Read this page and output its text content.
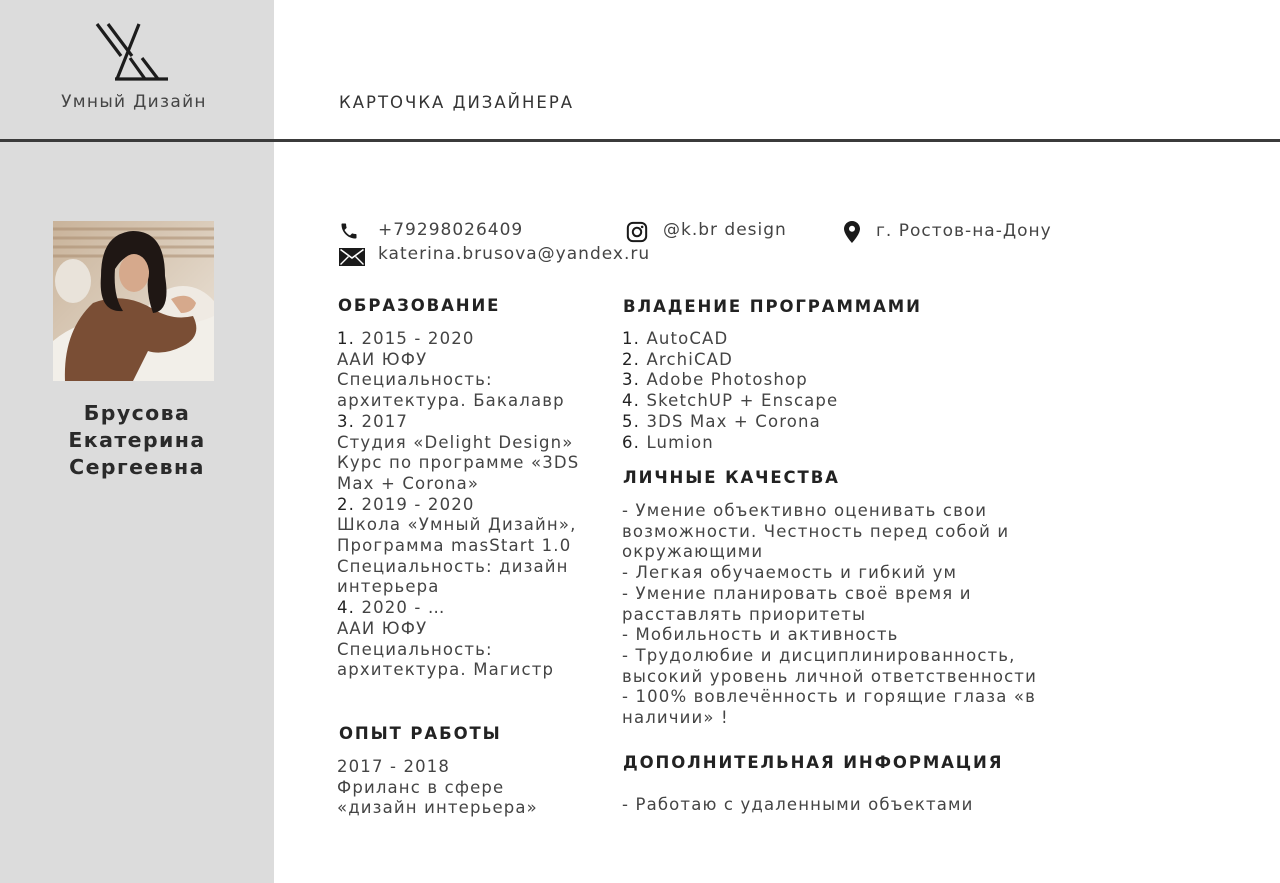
Умный Дизайн	КАРТОЧКА ДИЗАЙНЕРА
Брусова
Екатерина
Сергеевна
+79298026409	@k.br design	г. Ростов-на-Дону
katerina.brusova@yandex.ru
ОБРАЗОВАНИЕ
1. 2015 - 2020
ААИ ЮФУ
Специальность:
архитектура. Бакалавр
3. 2017
Студия «Delight Design»
Курс по программе «3DS
Max + Corona»
2. 2019 - 2020
Школа «Умный Дизайн»,
Программа masStart 1.0
Специальность: дизайн
интерьера
4. 2020 - …
ААИ ЮФУ
Специальность:
архитектура. Магистр
ОПЫТ РАБОТЫ
2017 - 2018
Фриланс в сфере
«дизайн интерьера»
ВЛАДЕНИЕ ПРОГРАММАМИ
1. AutoCAD
2. ArchiCAD
3. Adobe Photoshop
4. SketchUP + Enscape
5. 3DS Max + Corona
6. Lumion
ЛИЧНЫЕ КАЧЕСТВА
- Умение объективно оценивать свои
возможности. Честность перед собой и
окружающими
- Легкая обучаемость и гибкий ум
- Умение планировать своё время и
расставлять приоритеты
- Мобильность и активность
- Трудолюбие и дисциплинированность,
высокий уровень личной ответственности
- 100% вовлечённость и горящие глаза «в
наличии» !
ДОПОЛНИТЕЛЬНАЯ ИНФОРМАЦИЯ
- Работаю с удаленными объектами
